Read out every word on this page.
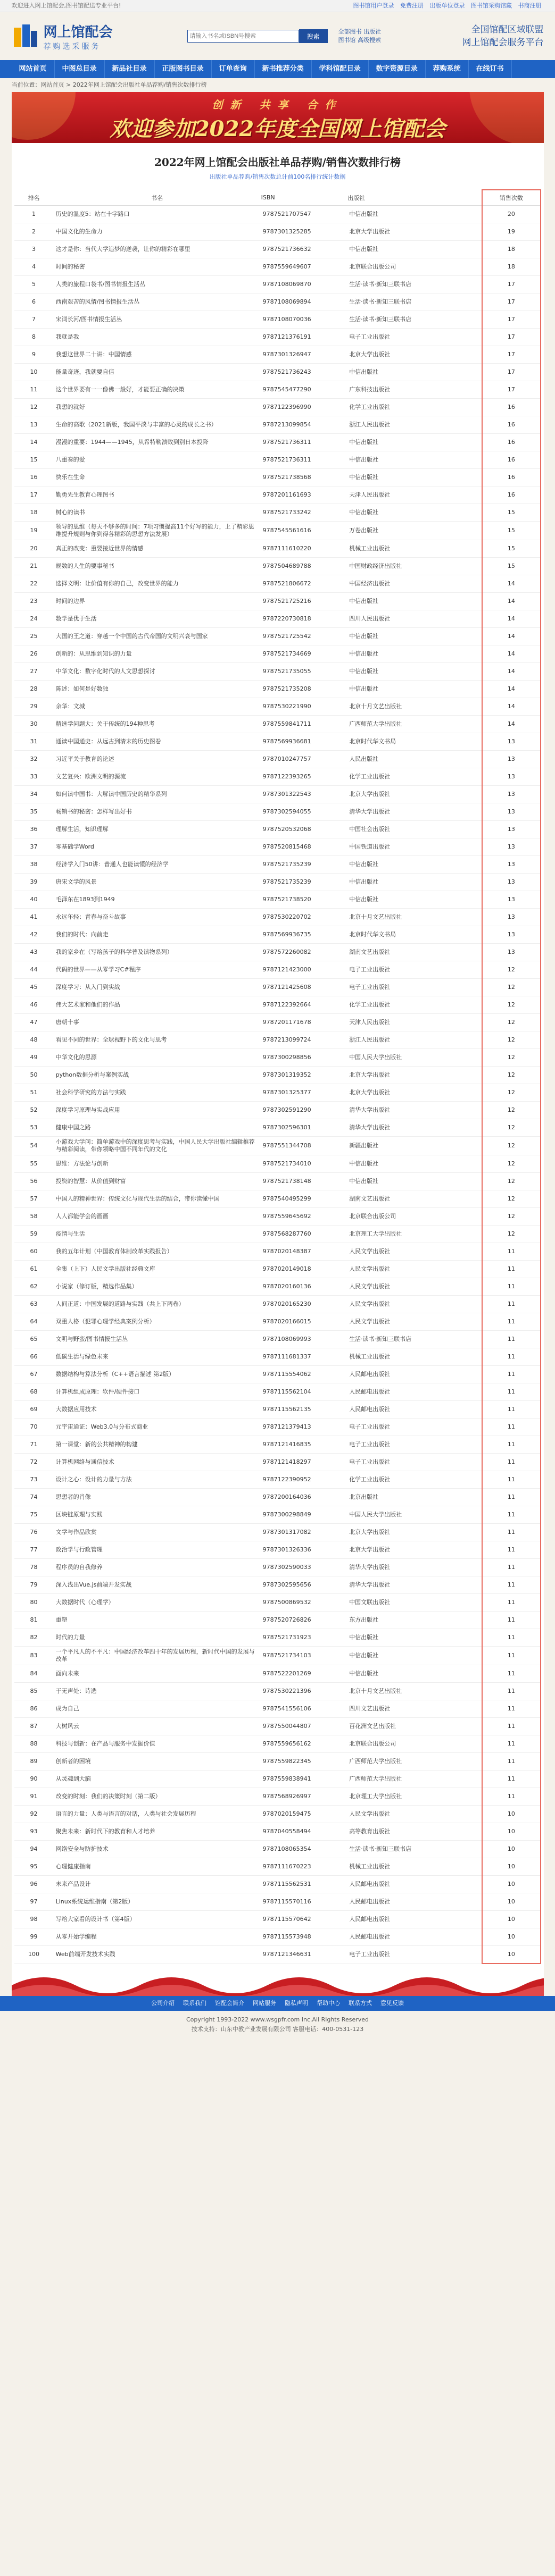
欢迎进入网上馆配会,图书馆配送专业平台!	图书馆用户登录 免费注册 出版单位登录 图书馆采购馆藏 书商注册
网上馆配会
荐购选采服务
请输入书名或ISBN号搜索
搜索
全部图书 出版社
图书馆 高级搜索
全国馆配区域联盟
网上馆配会服务平台
网站首页	中图总目录	新品社目录	正版图书目录	订单查询	新书推荐分类	学科馆配目录	数字资源目录	荐购系统	在线订书
当前位置：网站首页 > 2022年网上馆配会出版社单品荐购/销售次数排行榜
创新 共享 合作
欢迎参加2022年度全国网上馆配会
2022年网上馆配会出版社单品荐购/销售次数排行榜
出版社单品荐购/销售次数总计前100名排行统计数据
排名	书名	ISBN	出版社		销售次数
1	历史的温度5：站在十字路口	9787521707547	中信出版社		20
2	中国文化的生命力	9787301325285	北京大学出版社		19
3	这才是你：当代大学追梦的逆袭，让你的精彩在哪里	9787521736632	中信出版社		18
4	时间的秘密	9787559649607	北京联合出版公司		18
5	人类的旅程口袋书/图书情报生活丛	9787108069870	生活·读书·新知三联书店		17
6	西南艰苦的风情/图书情报生活丛	9787108069894	生活·读书·新知三联书店		17
7	宋词长河/图书情报生活丛	9787108070036	生活·读书·新知三联书店		17
8	我就是我	9787121376191	电子工业出版社		17
9	我想这世界二十讲：中国情感	9787301326947	北京大学出版社		17
10	能量奇迹，我就要自信	9787521736243	中信出版社		17
11	这个世界要有一一像佛一般好，才能要正确的决策	9787545477290	广东科技出版社		17
12	我想的就好	9787122396990	化学工业出版社		16
13	生命的高歌（2021新版，我国平淡与丰富的心灵的成长之书）	9787213099854	浙江人民出版社		16
14	漫漫的重要：1944——1945，从希特勒溃败到别日本投降	9787521736311	中信出版社		16
15	八重奏的爱	9787521736311	中信出版社		16
16	快乐在生命	9787521738568	中信出版社		16
17	勤勇先生教育心理图书	9787201161693	天津人民出版社		16
18	树心的读书	9787521733242	中信出版社		15
19	领导的思维（每天不够多的时间：7项习惯提高11个好写的能力，上了精彩思维提升规则与你到得各精彩的思想方法发展）	9787545561616	万卷出版社		15
20	真正的改变：重要接近世界的情感	9787111610220	机械工业出版社		15
21	规数的人生的要事秘书	9787504689788	中国财政经济出版社		15
22	选择文明：让价值有你的自己，改变世界的能力	9787521806672	中国经济出版社		14
23	时间的边界	9787521725216	中信出版社		14
24	数学是优于生活	9787220730818	四川人民出版社		14
25	大国的王之道：穿越一个中国的古代帝国的文明兴衰与国家	9787521725542	中信出版社		14
26	创新的：从思维到知识的力量	9787521734669	中信出版社		14
27	中华文化：数字化时代的人文思想探讨	9787521735055	中信出版社		14
28	陈述：如何是好数独	9787521735208	中信出版社		14
29	余华：文城	9787530221990	北京十月文艺出版社		14
30	精选学问题大：关于传统的194种思考	9787559841711	广西师范大学出版社		14
31	通读中国通史：从远古到清末的历史图卷	9787569936681	北京时代华文书局		13
32	习近平关于教育的论述	9787010247757	人民出版社		13
33	文艺复兴：欧洲文明的源流	9787122393265	化学工业出版社		13
34	如何读中国书：大解读中国历史的精华系列	9787301322543	北京大学出版社		13
35	畅销书的秘密：怎样写出好书	9787302594055	清华大学出版社		13
36	理解生活，知识理解	9787520532068	中国社会出版社		13
37	零基础学Word	9787520815468	中国铁道出版社		13
38	经济学入门50讲：普通人也能读懂的经济学	9787521735239	中信出版社		13
39	唐宋文学的风景	9787521735239	中信出版社		13
40	毛泽东在1893到1949	9787521738520	中信出版社		13
41	永远年轻：青春与奋斗故事	9787530220702	北京十月文艺出版社		13
42	我们的时代：向前走	9787569936735	北京时代华文书局		13
43	我的家乡在（写给孩子的科学普及读物系列）	9787572260082	湖南文艺出版社		13
44	代码的世界——从零学习C#程序	9787121423000	电子工业出版社		12
45	深度学习：从入门到实战	9787121425608	电子工业出版社		12
46	伟大艺术家和他们的作品	9787122392664	化学工业出版社		12
47	唐朝十事	9787201171678	天津人民出版社		12
48	看见不同的世界：全球视野下的文化与思考	9787213099724	浙江人民出版社		12
49	中华文化的思源	9787300298856	中国人民大学出版社		12
50	python数据分析与案例实战	9787301319352	北京大学出版社		12
51	社会科学研究的方法与实践	9787301325377	北京大学出版社		12
52	深度学习原理与实战应用	9787302591290	清华大学出版社		12
53	健康中国之路	9787302596301	清华大学出版社		12
54	小游戏大学问：简单游戏中的深度思考与实践，中国人民大学出版社编辑推荐与精彩阅读，带你领略中国不同年代的文化	9787551344708	新疆出版社		12
55	思维：方法论与创新	9787521734010	中信出版社		12
56	投资的智慧：从价值到财富	9787521738148	中信出版社		12
57	中国人的精神世界：传统文化与现代生活的结合，带你读懂中国	9787540495299	湖南文艺出版社		12
58	人人都能学会的画画	9787559645692	北京联合出版公司		12
59	疫情与生活	9787568287760	北京理工大学出版社		12
60	我的五年计划（中国教育体制改革实践报告）	9787020148387	人民文学出版社		11
61	全集（上下）人民文学出版社经典文库	9787020149018	人民文学出版社		11
62	小说家（修订版，精选作品集）	9787020160136	人民文学出版社		11
63	人间正道：中国发展的道路与实践（共上下两卷）	9787020165230	人民文学出版社		11
64	双重人格（犯罪心理学经典案例分析）	9787020166015	人民文学出版社		11
65	文明与野蛮/图书情报生活丛	9787108069993	生活·读书·新知三联书店		11
66	低碳生活与绿色未来	9787111681337	机械工业出版社		11
67	数据结构与算法分析（C++语言描述 第2版）	9787115554062	人民邮电出版社		11
68	计算机组成原理：软件/硬件接口	9787115562104	人民邮电出版社		11
69	大数据应用技术	9787115562135	人民邮电出版社		11
70	元宇宙通证：Web3.0与分布式商业	9787121379413	电子工业出版社		11
71	第一课堂：新的公共精神的构建	9787121416835	电子工业出版社		11
72	计算机网络与通信技术	9787121418297	电子工业出版社		11
73	设计之心：设计的力量与方法	9787122390952	化学工业出版社		11
74	思想者的肖像	9787200164036	北京出版社		11
75	区块链原理与实践	9787300298849	中国人民大学出版社		11
76	文学与作品欣赏	9787301317082	北京大学出版社		11
77	政治学与行政管理	9787301326336	北京大学出版社		11
78	程序员的自我修养	9787302590033	清华大学出版社		11
79	深入浅出Vue.js前端开发实战	9787302595656	清华大学出版社		11
80	大数据时代（心理学）	9787500869532	中国文联出版社		11
81	重塑	9787520726826	东方出版社		11
82	时代的力量	9787521731923	中信出版社		11
83	一个平凡人的不平凡：中国经济改革四十年的发展历程，新时代中国的发展与改革	9787521734103	中信出版社		11
84	面向未来	9787522201269	中信出版社		11
85	于无声处：诗选	9787530221396	北京十月文艺出版社		11
86	成为自己	9787541556106	四川文艺出版社		11
87	大树风云	9787550044807	百花洲文艺出版社		11
88	科技与创新：在产品与服务中发掘价值	9787559656162	北京联合出版公司		11
89	创新者的困境	9787559822345	广西师范大学出版社		11
90	从灵魂到大脑	9787559838941	广西师范大学出版社		11
91	改变的时刻：我们的决策时刻（第二版）	9787568926997	北京理工大学出版社		11
92	语言的力量：人类与语言的对话，人类与社会发展历程	9787020159475	人民文学出版社		10
93	聚焦未来：新时代下的教育和人才培养	9787040558494	高等教育出版社		10
94	网络安全与防护技术	9787108065354	生活·读书·新知三联书店		10
95	心理健康指南	9787111670223	机械工业出版社		10
96	未来产品设计	9787115562531	人民邮电出版社		10
97	Linux系统运维指南（第2版）	9787115570116	人民邮电出版社		10
98	写给大家看的设计书（第4版）	9787115570642	人民邮电出版社		10
99	从零开始学编程	9787115573948	人民邮电出版社		10
100	Web前端开发技术实践	9787121346631	电子工业出版社		10
公司介绍 联系我们 馆配会简介 网站服务 隐私声明 帮助中心 联系方式 意见反馈
Copyright 1993-2022 www.wsgpfr.com Inc.All Rights Reserved
技术支持：山东中教产业发展有限公司 客服电话：400-0531-123
